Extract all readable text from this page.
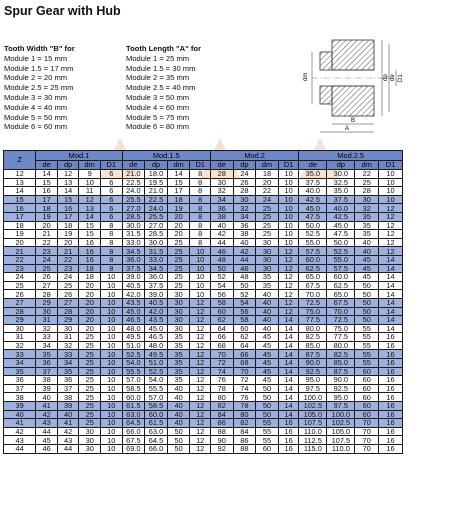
Spur Gear with Hub
Tooth Width "B" for
Module 1 = 15 mm
Module 1.5 = 17 mm
Module 2 = 20 mm
Module 2.5 = 25 mm
Module 3 = 30 mm
Module 4 = 40 mm
Module 5 = 50 mm
Module 6 = 60 mm
Tooth Length "A" for
Module 1 = 25 mm
Module 1.5 = 30 mm
Module 2 = 35 mm
Module 2.5 = 40 mm
Module 3 = 50 mm
Module 4 = 60 mm
Module 5 = 75 mm
Module 6 = 80 mm
dm	dp de D1
B
A
Z	Mod.1				Mod.1.5				Mod.2				Mod.2.5			
	de	dp	dm	D1	de	dp	dm	D1	de	dp	dm	D1	de	dp	dm	D1
12	14	12	9	6	21.0	18.0	14	8	28	24	18	10	35.0	30.0	22	10
13	15	13	10	6	22.5	19.5	15	8	30	26	20	10	37.5	32.5	25	10
14	16	14	11	6	24.0	21.0	17	8	32	28	22	10	40.0	35.0	28	10
15	17	15	12	6	25.5	22.5	18	8	34	30	24	10	42.5	37.5	30	10
16	18	16	13	6	27.0	24.0	19	8	36	32	25	10	45.0	40.0	32	12
17	19	17	14	6	28.5	25.5	20	8	38	34	25	10	47.5	42.5	35	12
18	20	18	15	8	30.0	27.0	20	8	40	36	25	10	50.0	45.0	35	12
19	21	19	15	8	31.5	28.5	20	8	42	38	25	10	52.5	47.5	35	12
20	22	20	16	8	33.0	30.0	25	8	44	40	30	10	55.0	50.0	40	12
21	23	21	16	8	34.5	31.5	25	10	46	42	30	12	57.5	52.5	40	12
22	24	22	16	8	36.0	33.0	25	10	48	44	30	12	60.0	55.0	45	14
23	25	23	18	8	37.5	34.5	25	10	50	46	30	12	62.5	57.5	45	14
24	26	24	18	10	39.0	36.0	25	10	52	48	35	12	65.0	60.0	45	14
25	27	25	20	10	40.5	37.5	25	10	54	50	35	12	67.5	62.5	50	14
26	28	26	20	10	42.0	39.0	30	10	56	52	40	12	70.0	65.0	50	14
27	29	27	20	10	43.5	40.5	30	12	58	54	40	12	72.5	67.5	50	14
28	30	28	20	10	45.0	42.0	30	12	60	56	40	12	75.0	70.0	50	14
29	31	29	20	10	46.5	43.5	30	12	62	58	40	14	77.5	72.5	50	14
30	32	30	20	10	48.0	45.0	30	12	64	60	40	14	80.0	75.0	55	14
31	33	31	25	10	49.5	46.5	35	12	66	62	45	14	82.5	77.5	55	16
32	34	32	25	10	51.0	48.0	35	12	68	64	45	14	85.0	80.0	55	16
33	35	33	25	10	52.5	49.5	35	12	70	66	45	14	87.5	82.5	55	16
34	36	34	25	10	54.0	51.0	35	12	72	68	45	14	90.0	85.0	55	16
35	37	35	25	10	55.5	52.5	35	12	74	70	45	14	92.5	87.5	60	16
36	38	36	25	10	57.0	54.0	35	12	76	72	45	14	95.0	90.0	60	16
37	39	37	25	10	58.5	55.5	40	12	78	74	50	14	97.5	92.5	60	16
38	40	38	25	10	60.0	57.0	40	12	80	76	50	14	100.0	95.0	60	16
39	41	39	25	10	61.5	58.5	40	12	82	78	50	14	102.5	97.5	60	16
40	42	40	25	10	63.0	60.0	40	12	84	80	50	14	105.0	100.0	60	16
41	43	41	25	10	64.5	61.5	40	12	86	82	55	16	107.5	102.5	70	16
42	44	42	30	10	66.0	63.0	50	12	88	84	55	16	110.0	105.0	70	16
43	45	43	30	10	67.5	64.5	50	12	90	86	55	16	112.5	107.5	70	16
44	46	44	30	10	69.0	66.0	50	12	92	88	60	16	115.0	110.0	70	16
